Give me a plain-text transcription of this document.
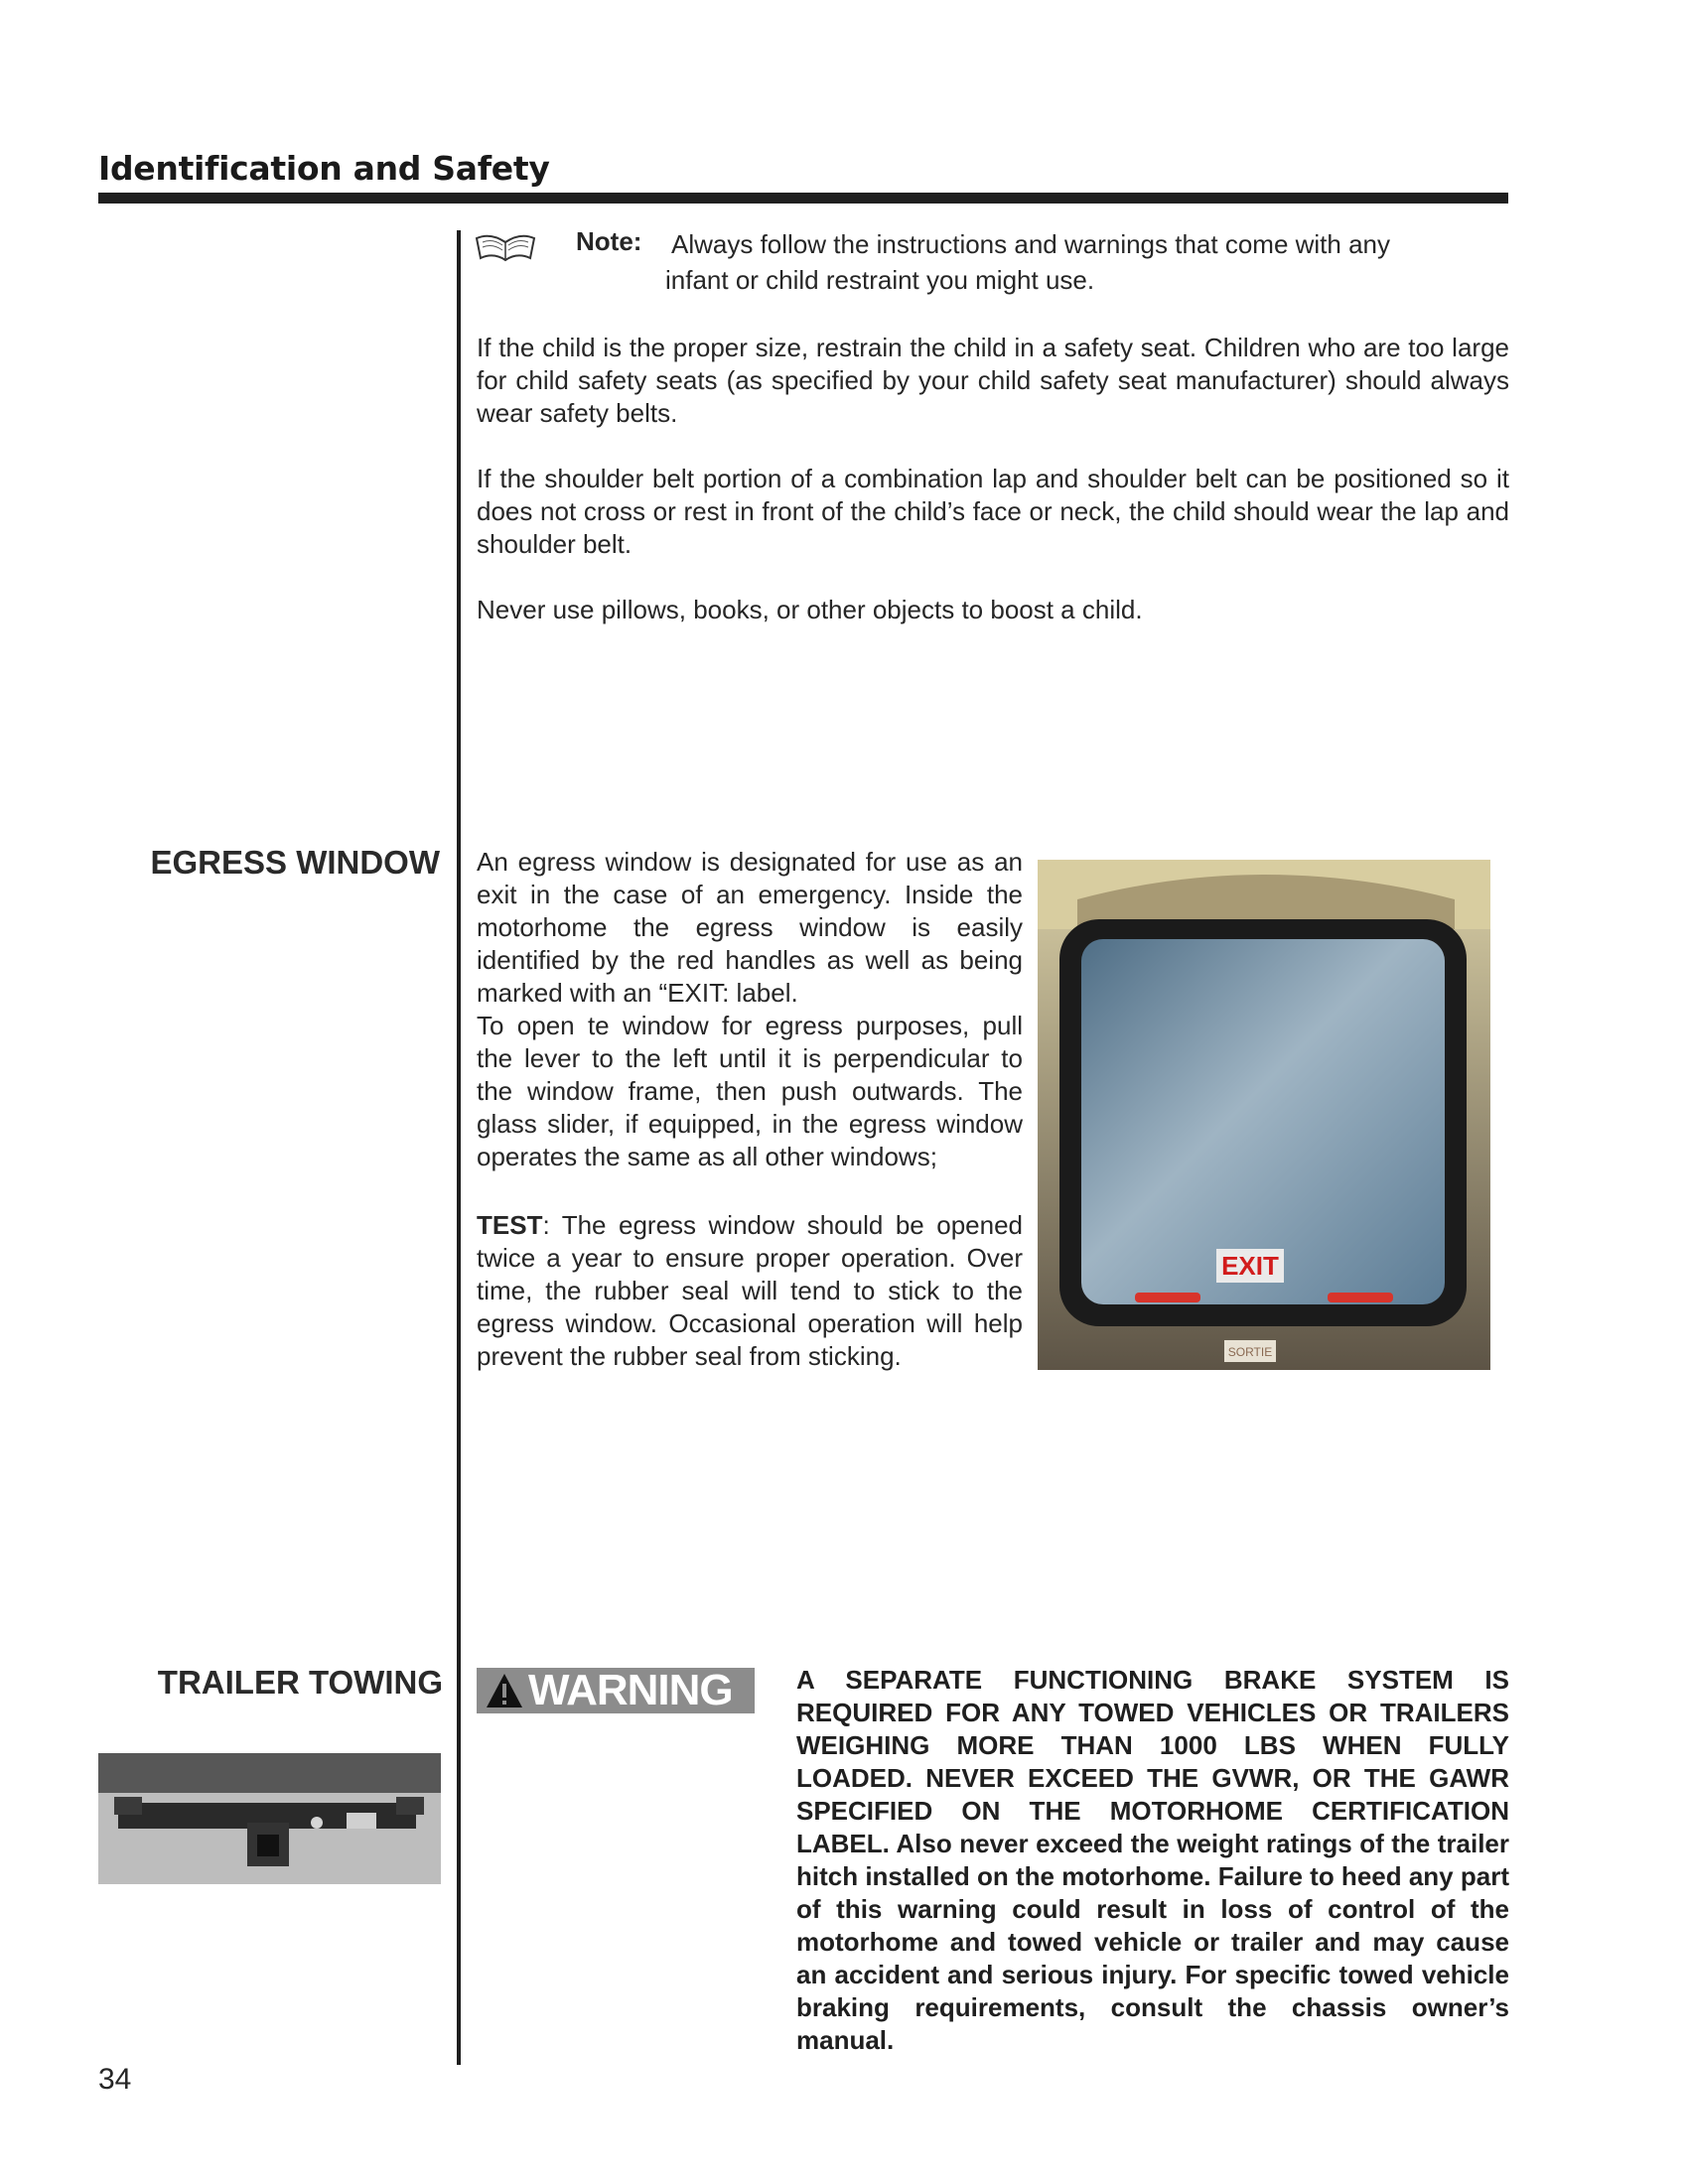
Identification and Safety
Note: Always follow the instructions and warnings that come with any
infant or child restraint you might use.
If the child is the proper size, restrain the child in a safety seat. Children who are too large for child safety seats (as specified by your child safety seat manufacturer) should always wear safety belts.
If the shoulder belt portion of a combination lap and shoulder belt can be positioned so it does not cross or rest in front of the child’s face or neck, the child should wear the lap and shoulder belt.
Never use pillows, books, or other objects to boost a child.
EGRESS WINDOW An egress window is designated for use as an exit in the case of an emergency. Inside the motorhome the egress window is easily identified by the red handles as well as being marked with an “EXIT: label.

To open te window for egress purposes, pull the lever to the left until it is perpendicular to the window frame, then push outwards. The glass slider, if equipped, in the egress window operates the same as all other windows;

TEST: The egress window should be opened twice a year to ensure proper operation. Over time, the rubber seal will tend to stick to the egress window. Occasional operation will help prevent the rubber seal from sticking.
EXIT
SORTIE
TRAILER TOWING WARNING A SEPARATE FUNCTIONING BRAKE SYSTEM IS REQUIRED FOR ANY TOWED VEHICLES OR TRAILERS WEIGHING MORE THAN 1000 LBS WHEN FULLY LOADED. NEVER EXCEED THE GVWR, OR THE GAWR SPECIFIED ON THE MOTORHOME CERTIFICATION LABEL. Also never exceed the weight ratings of the trailer hitch installed on the motorhome. Failure to heed any part of this warning could result in loss of control of the motorhome and towed vehicle or trailer and may cause an accident and serious injury. For specific towed vehicle braking requirements, consult the chassis owner’s manual.
34
